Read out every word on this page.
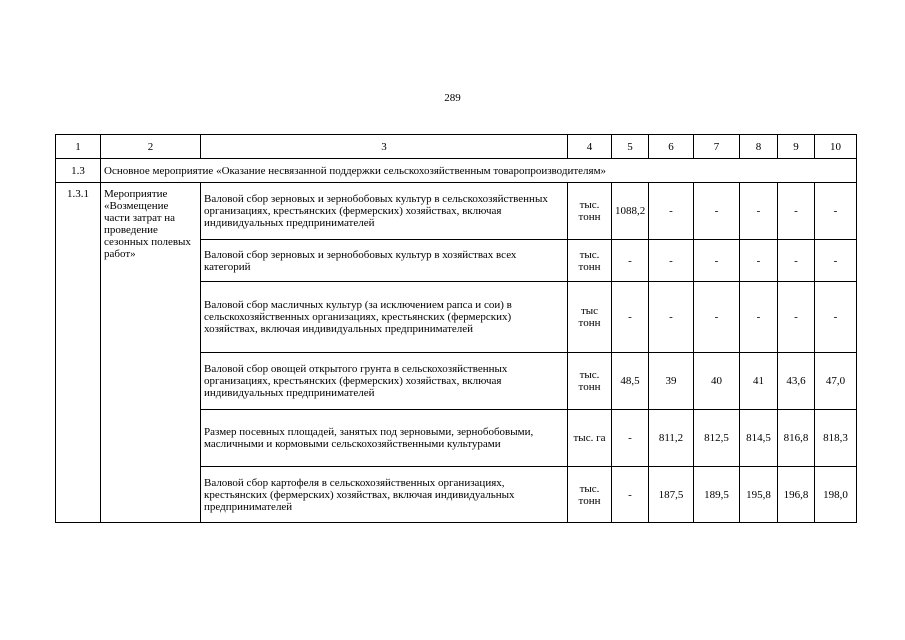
289
1	2	3	4	5	6	7	8	9	10
1.3	Основное мероприятие «Оказание несвязанной поддержки сельскохозяйственным товаропроизводителям»								
1.3.1	Мероприятие «Возмещение части затрат на проведение сезонных полевых работ»	Валовой сбор зерновых и зернобобовых культур в сельскохозяйственных организациях, крестьянских (фермерских) хозяйствах, включая индивидуальных предпринимателей	тыс. тонн	1088,2	-	-	-	-	-
		Валовой сбор зерновых и зернобобовых культур в хозяйствах всех категорий	тыс. тонн	-	-	-	-	-	-
		Валовой сбор масличных культур (за исключением рапса и сои) в сельскохозяйственных организациях, крестьянских (фермерских) хозяйствах, включая индивидуальных предпринимателей	тыс тонн	-	-	-	-	-	-
		Валовой сбор овощей открытого грунта в сельскохозяйственных организациях, крестьянских (фермерских) хозяйствах, включая индивидуальных предпринимателей	тыс. тонн	48,5	39	40	41	43,6	47,0
		Размер посевных площадей, занятых под зерновыми, зернобобовыми, масличными и кормовыми сельскохозяйственными культурами	тыс. га	-	811,2	812,5	814,5	816,8	818,3
		Валовой сбор картофеля в сельскохозяйственных организациях, крестьянских (фермерских) хозяйствах, включая индивидуальных предпринимателей	тыс. тонн	-	187,5	189,5	195,8	196,8	198,0
